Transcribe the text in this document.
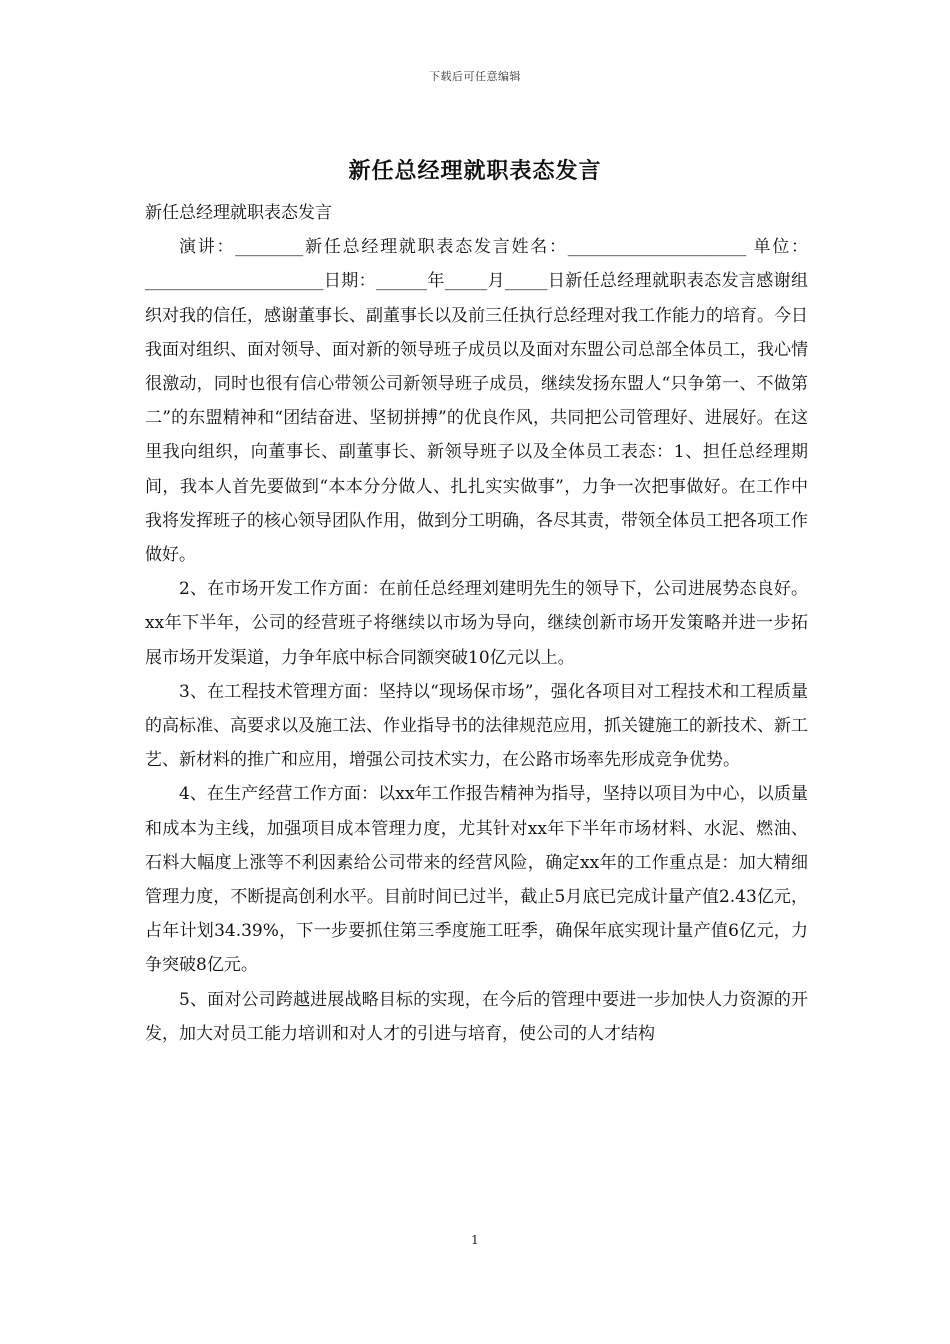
下载后可任意编辑
新任总经理就职表态发言

新任总经理就职表态发言

演讲：________新任总经理就职表态发言姓名：_____________________ 单位：_____________________日期：______年_____月_____日新任总经理就职表态发言感谢组织对我的信任，感谢董事长、副董事长以及前三任执行总经理对我工作能力的培育。今日我面对组织、面对领导、面对新的领导班子成员以及面对东盟公司总部全体员工，我心情很激动，同时也很有信心带领公司新领导班子成员，继续发扬东盟人“只争第一、不做第二”的东盟精神和“团结奋进、坚韧拼搏”的优良作风，共同把公司管理好、进展好。在这里我向组织，向董事长、副董事长、新领导班子以及全体员工表态：1、担任总经理期间，我本人首先要做到“本本分分做人、扎扎实实做事”，力争一次把事做好。在工作中我将发挥班子的核心领导团队作用，做到分工明确，各尽其责，带领全体员工把各项工作做好。

2、在市场开发工作方面：在前任总经理刘建明先生的领导下，公司进展势态良好。xx年下半年，公司的经营班子将继续以市场为导向，继续创新市场开发策略并进一步拓展市场开发渠道，力争年底中标合同额突破10亿元以上。

3、在工程技术管理方面：坚持以“现场保市场”，强化各项目对工程技术和工程质量的高标准、高要求以及施工法、作业指导书的法律规范应用，抓关键施工的新技术、新工艺、新材料的推广和应用，增强公司技术实力，在公路市场率先形成竞争优势。

4、在生产经营工作方面：以xx年工作报告精神为指导，坚持以项目为中心，以质量和成本为主线，加强项目成本管理力度，尤其针对xx年下半年市场材料、水泥、燃油、石料大幅度上涨等不利因素给公司带来的经营风险，确定xx年的工作重点是：加大精细管理力度，不断提高创利水平。目前时间已过半，截止5月底已完成计量产值2.43亿元，占年计划34.39%，下一步要抓住第三季度施工旺季，确保年底实现计量产值6亿元，力争突破8亿元。

5、面对公司跨越进展战略目标的实现，在今后的管理中要进一步加快人力资源的开发，加大对员工能力培训和对人才的引进与培育，使公司的人才结构

1
